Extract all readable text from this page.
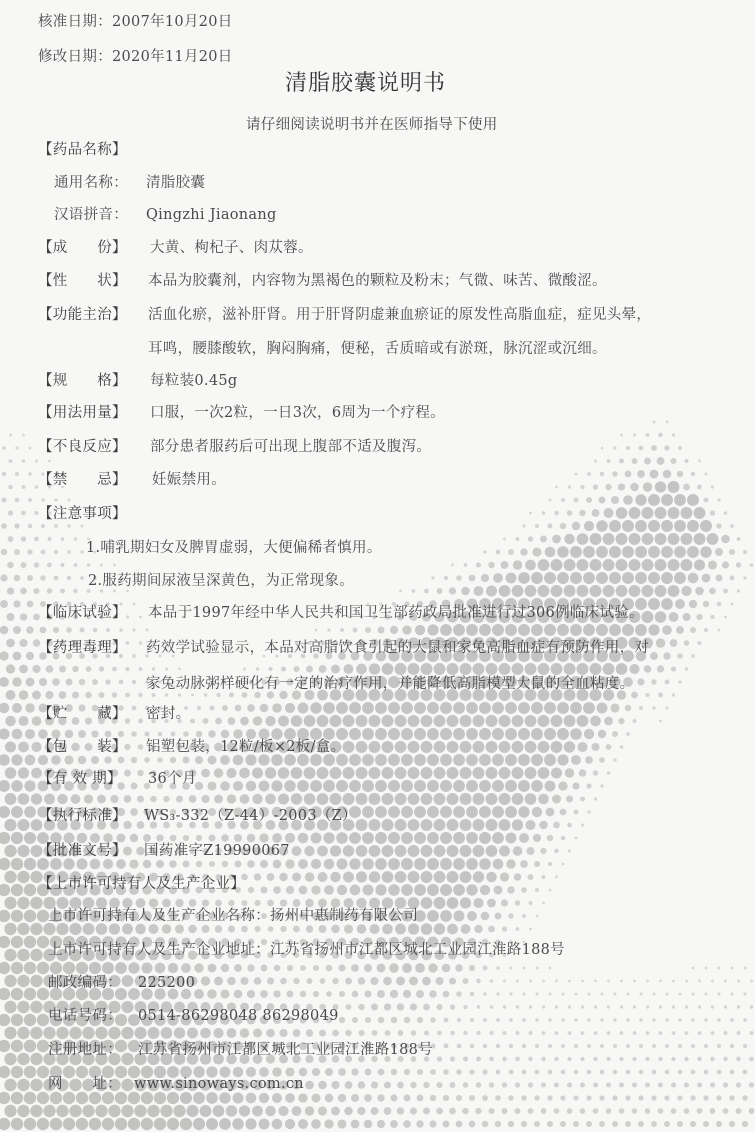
核准日期：2007年10月20日
修改日期：2020年11月20日
清脂胶囊说明书
请仔细阅读说明书并在医师指导下使用
【药品名称】
通用名称： 清脂胶囊
汉语拼音： Qingzhi Jiaonang
【成　　份】 大黄、枸杞子、肉苁蓉。
【性　　状】 本品为胶囊剂，内容物为黑褐色的颗粒及粉末；气微、味苦、微酸涩。
【功能主治】 活血化瘀，滋补肝肾。用于肝肾阴虚兼血瘀证的原发性高脂血症，症见头晕，
耳鸣，腰膝酸软，胸闷胸痛，便秘，舌质暗或有淤斑，脉沉涩或沉细。
【规　　格】 每粒装0.45g
【用法用量】 口服，一次2粒，一日3次，6周为一个疗程。
【不良反应】 部分患者服药后可出现上腹部不适及腹泻。
【禁　　忌】 妊娠禁用。
【注意事项】
1.哺乳期妇女及脾胃虚弱，大便偏稀者慎用。
2.服药期间尿液呈深黄色，为正常现象。
【临床试验】 本品于1997年经中华人民共和国卫生部药政局批准进行过306例临床试验。
【药理毒理】 药效学试验显示，本品对高脂饮食引起的大鼠和家兔高脂血症有预防作用，对
家兔动脉粥样硬化有一定的治疗作用，并能降低高脂模型大鼠的全血粘度。
【贮　　藏】 密封。
【包　　装】 铝塑包装，12粒/板×2板/盒。
【有 效 期】 36个月
【执行标准】 WS₃-332（Z-44）-2003（Z）
【批准文号】 国药准字Z19990067
【上市许可持有人及生产企业】
上市许可持有人及生产企业名称：扬州中惠制药有限公司
上市许可持有人及生产企业地址：江苏省扬州市江都区城北工业园江淮路188号
邮政编码： 225200
电话号码： 0514-86298048 86298049
注册地址： 江苏省扬州市江都区城北工业园江淮路188号
网　　址： www.sinoways.com.cn
